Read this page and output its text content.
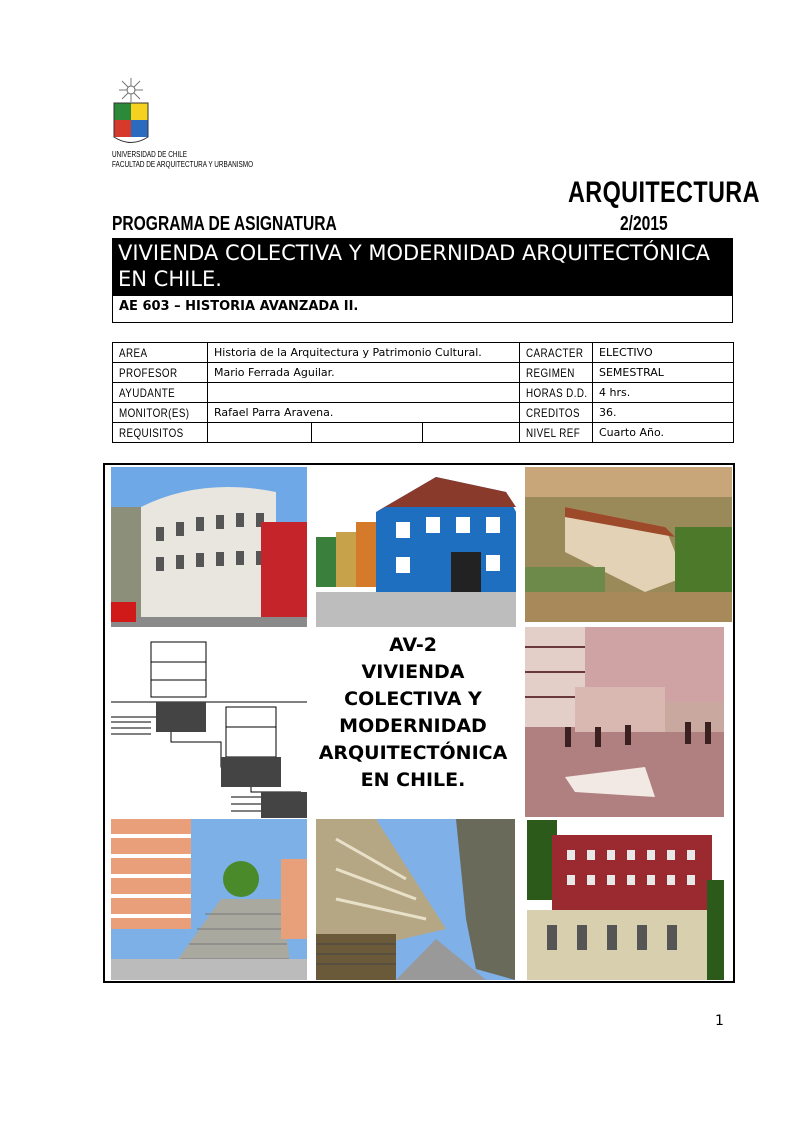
UNIVERSIDAD DE CHILE
FACULTAD DE ARQUITECTURA Y URBANISMO
ARQUITECTURA
PROGRAMA DE ASIGNATURA	2/2015
VIVIENDA COLECTIVA Y MODERNIDAD ARQUITECTÓNICA
EN CHILE.
AE 603 – HISTORIA AVANZADA II.
AREA	Historia de la Arquitectura y Patrimonio Cultural.			CARACTER	ELECTIVO
PROFESOR	Mario Ferrada Aguilar.			REGIMEN	SEMESTRAL
AYUDANTE				HORAS D.D.	4 hrs.
MONITOR(ES)	Rafael Parra Aravena.			CREDITOS	36.
REQUISITOS				NIVEL REF	Cuarto Año.
AV-2
VIVIENDA
COLECTIVA Y
MODERNIDAD
ARQUITECTÓNICA
EN CHILE.
1
